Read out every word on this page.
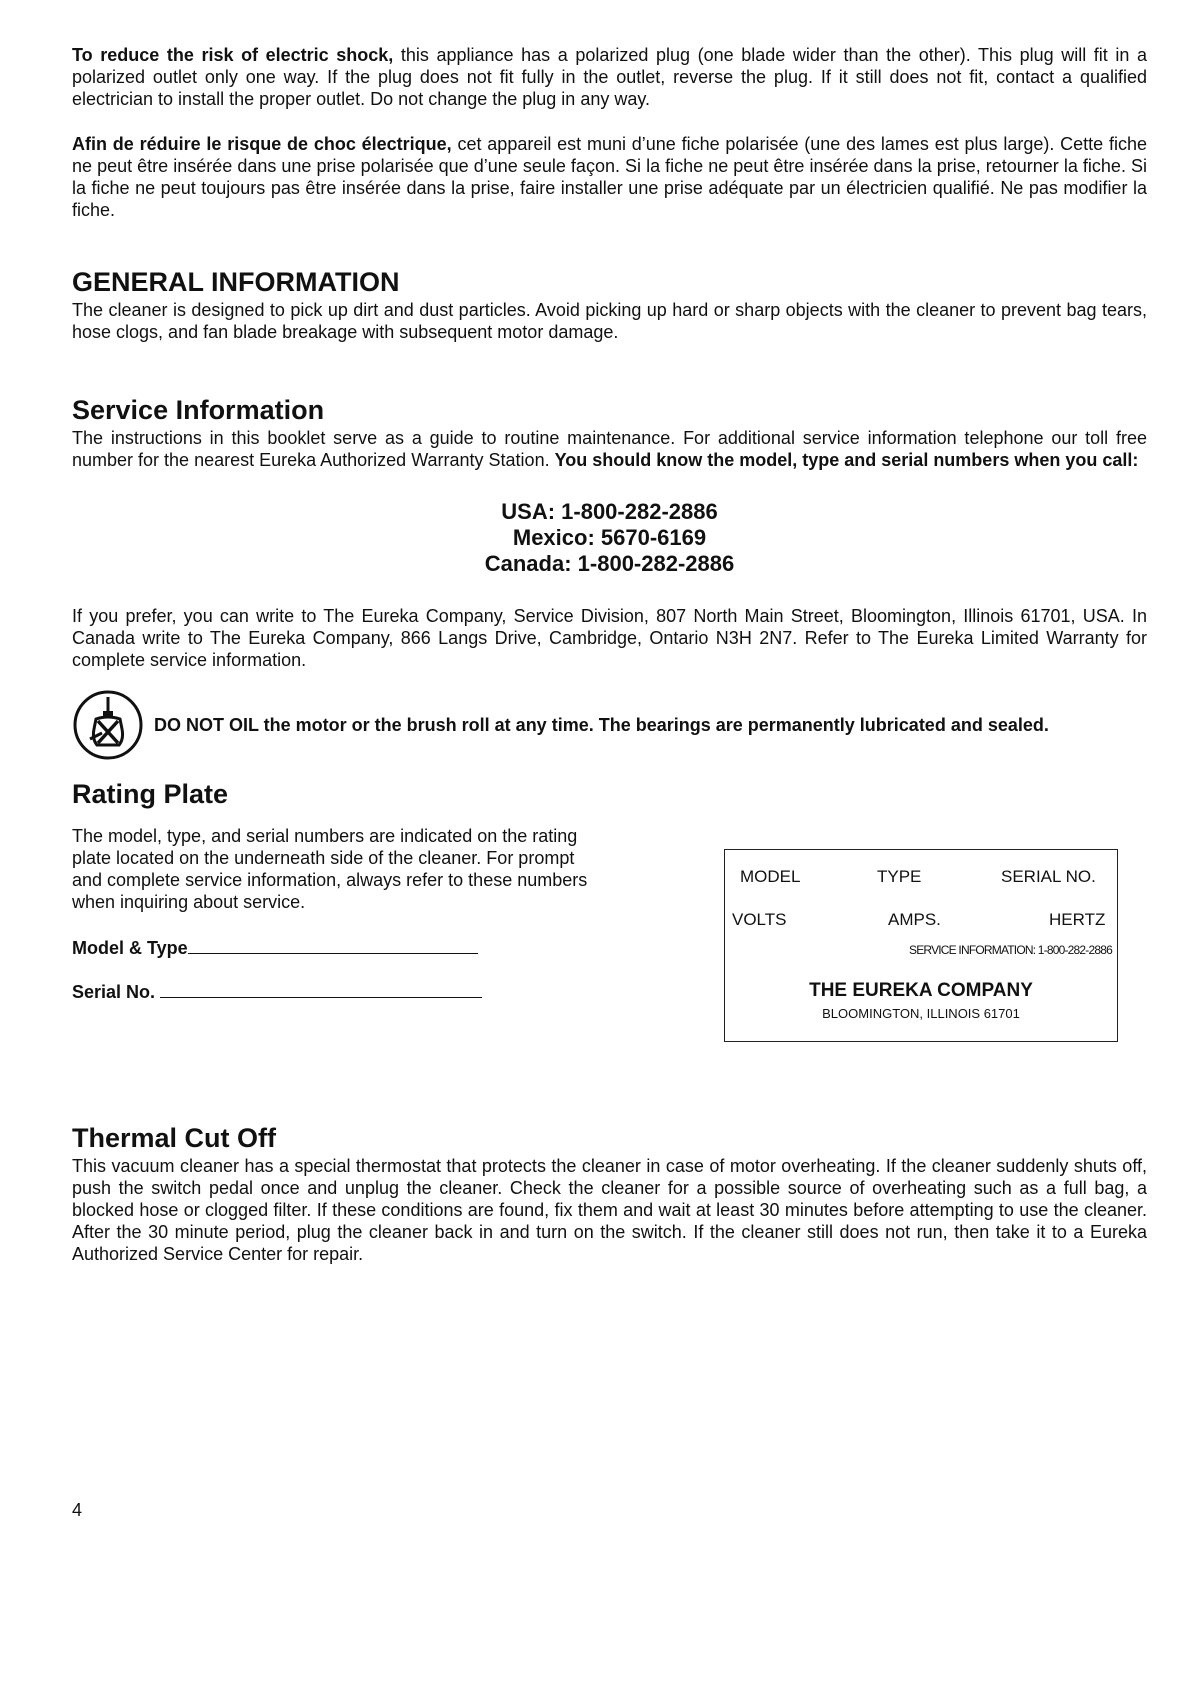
To reduce the risk of electric shock, this appliance has a polarized plug (one blade wider than the other). This plug will fit in a polarized outlet only one way. If the plug does not fit fully in the outlet, reverse the plug. If it still does not fit, contact a qualified electrician to install the proper outlet. Do not change the plug in any way.

Afin de réduire le risque de choc électrique, cet appareil est muni d’une fiche polarisée (une des lames est plus large). Cette fiche ne peut être insérée dans une prise polarisée que d’une seule façon. Si la fiche ne peut être insérée dans la prise, retourner la fiche. Si la fiche ne peut toujours pas être insérée dans la prise, faire installer une prise adéquate par un électricien qualifié. Ne pas modifier la fiche.

GENERAL INFORMATION

The cleaner is designed to pick up dirt and dust particles. Avoid picking up hard or sharp objects with the cleaner to prevent bag tears, hose clogs, and fan blade breakage with subsequent motor damage.

Service Information

The instructions in this booklet serve as a guide to routine maintenance. For additional service information telephone our toll free number for the nearest Eureka Authorized Warranty Station. You should know the model, type and serial numbers when you call:

USA: 1-800-282-2886
Mexico: 5670-6169
Canada: 1-800-282-2886

If you prefer, you can write to The Eureka Company, Service Division, 807 North Main Street, Bloomington, Illinois 61701, USA. In Canada write to The Eureka Company, 866 Langs Drive, Cambridge, Ontario N3H 2N7. Refer to The Eureka Limited Warranty for complete service information.

DO NOT OIL the motor or the brush roll at any time. The bearings are permanently lubricated and sealed.
Rating Plate

The model, type, and serial numbers are indicated on the rating plate located on the underneath side of the cleaner. For prompt and complete service information, always refer to these numbers when inquiring about service.

Model & Type
Serial No.
MODEL	TYPE	SERIAL NO.
VOLTS	AMPS.	HERTZ
SERVICE INFORMATION: 1-800-282-2886
THE EUREKA COMPANY
BLOOMINGTON, ILLINOIS 61701
Thermal Cut Off

This vacuum cleaner has a special thermostat that protects the cleaner in case of motor overheating. If the cleaner suddenly shuts off, push the switch pedal once and unplug the cleaner. Check the cleaner for a possible source of overheating such as a full bag, a blocked hose or clogged filter. If these conditions are found, fix them and wait at least 30 minutes before attempting to use the cleaner. After the 30 minute period, plug the cleaner back in and turn on the switch. If the cleaner still does not run, then take it to a Eureka Authorized Service Center for repair.

4
